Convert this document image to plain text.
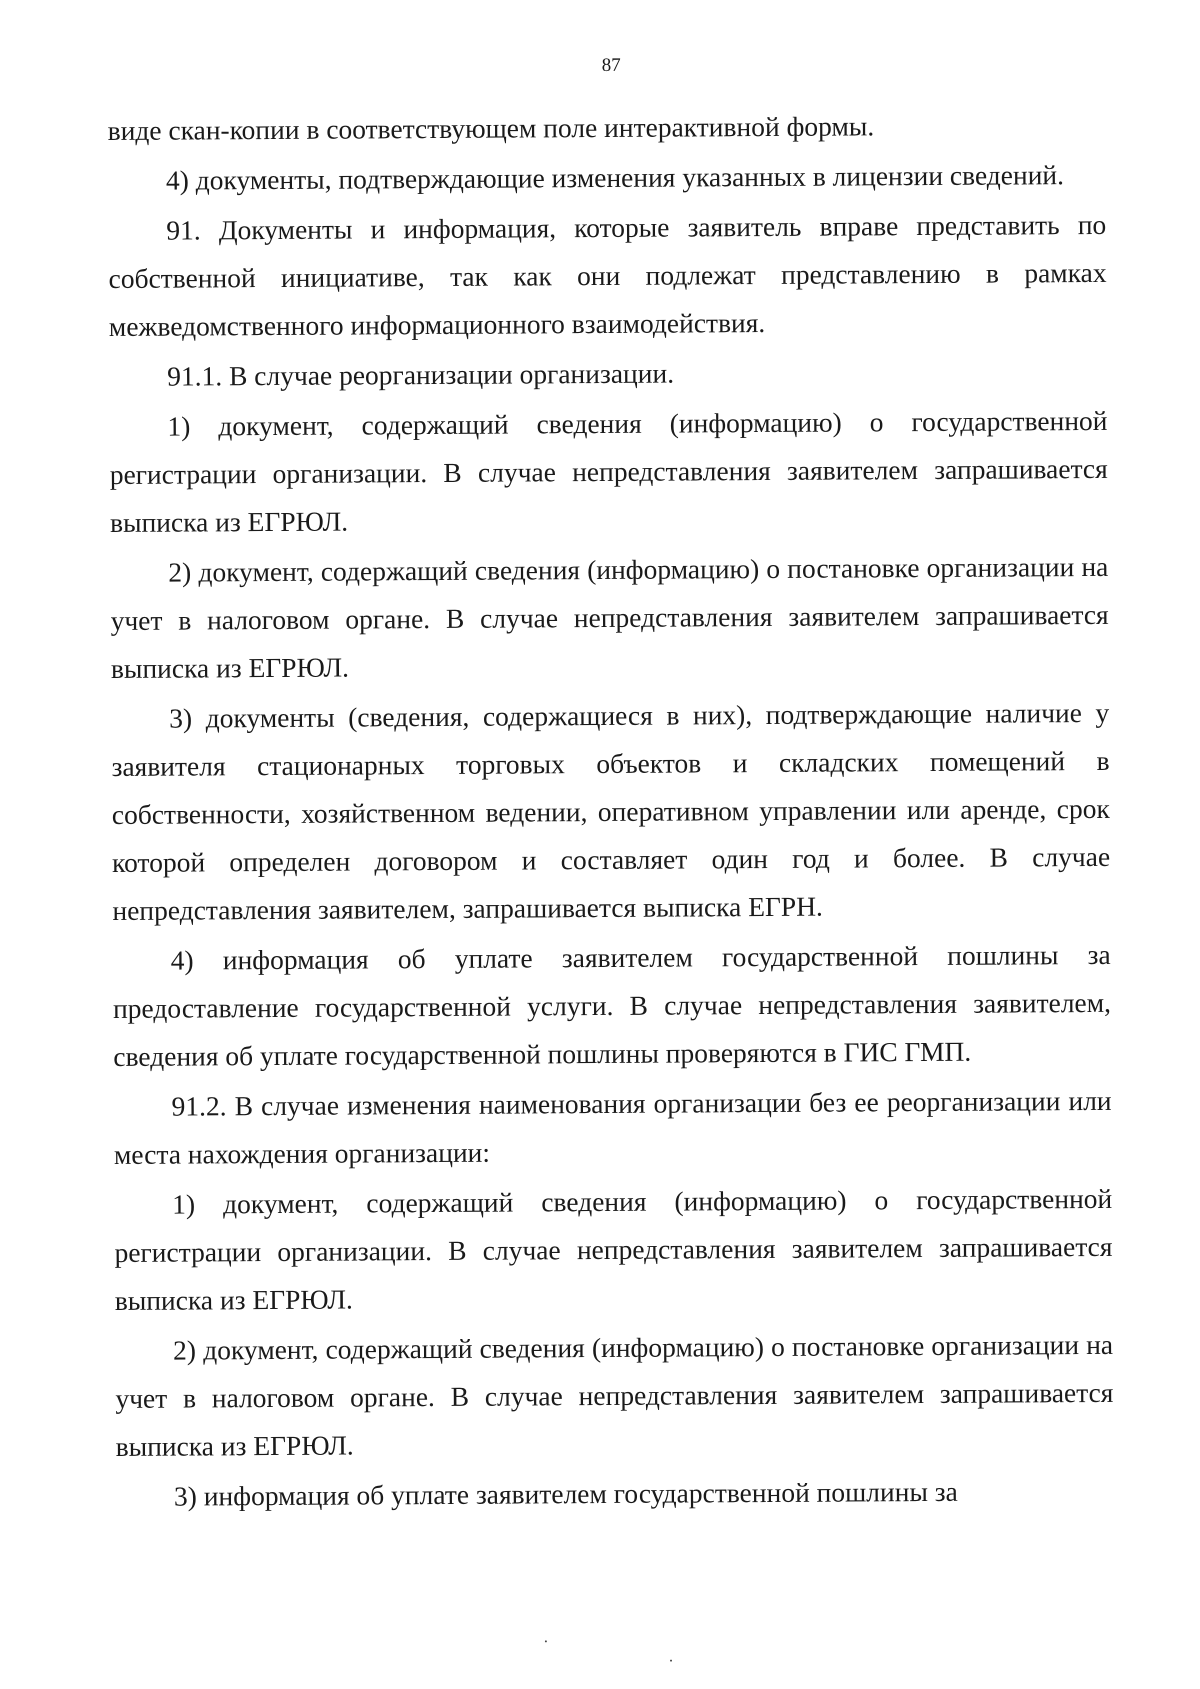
87

виде скан-копии в соответствующем поле интерактивной формы.

4) документы, подтверждающие изменения указанных в лицензии сведений.

91. Документы и информация, которые заявитель вправе представить по собственной инициативе, так как они подлежат представлению в рамках межведомственного информационного взаимодействия.

91.1. В случае реорганизации организации.

1) документ, содержащий сведения (информацию) о государственной регистрации организации. В случае непредставления заявителем запрашивается выписка из ЕГРЮЛ.

2) документ, содержащий сведения (информацию) о постановке организации на учет в налоговом органе. В случае непредставления заявителем запрашивается выписка из ЕГРЮЛ.

3) документы (сведения, содержащиеся в них), подтверждающие наличие у заявителя стационарных торговых объектов и складских помещений в собственности, хозяйственном ведении, оперативном управлении или аренде, срок которой определен договором и составляет один год и более. В случае непредставления заявителем, запрашивается выписка ЕГРН.

4) информация об уплате заявителем государственной пошлины за предоставление государственной услуги. В случае непредставления заявителем, сведения об уплате государственной пошлины проверяются в ГИС ГМП.

91.2. В случае изменения наименования организации без ее реорганизации или места нахождения организации:

1) документ, содержащий сведения (информацию) о государственной регистрации организации. В случае непредставления заявителем запрашивается выписка из ЕГРЮЛ.

2) документ, содержащий сведения (информацию) о постановке организации на учет в налоговом органе. В случае непредставления заявителем запрашивается выписка из ЕГРЮЛ.

3) информация об уплате заявителем государственной пошлины за
